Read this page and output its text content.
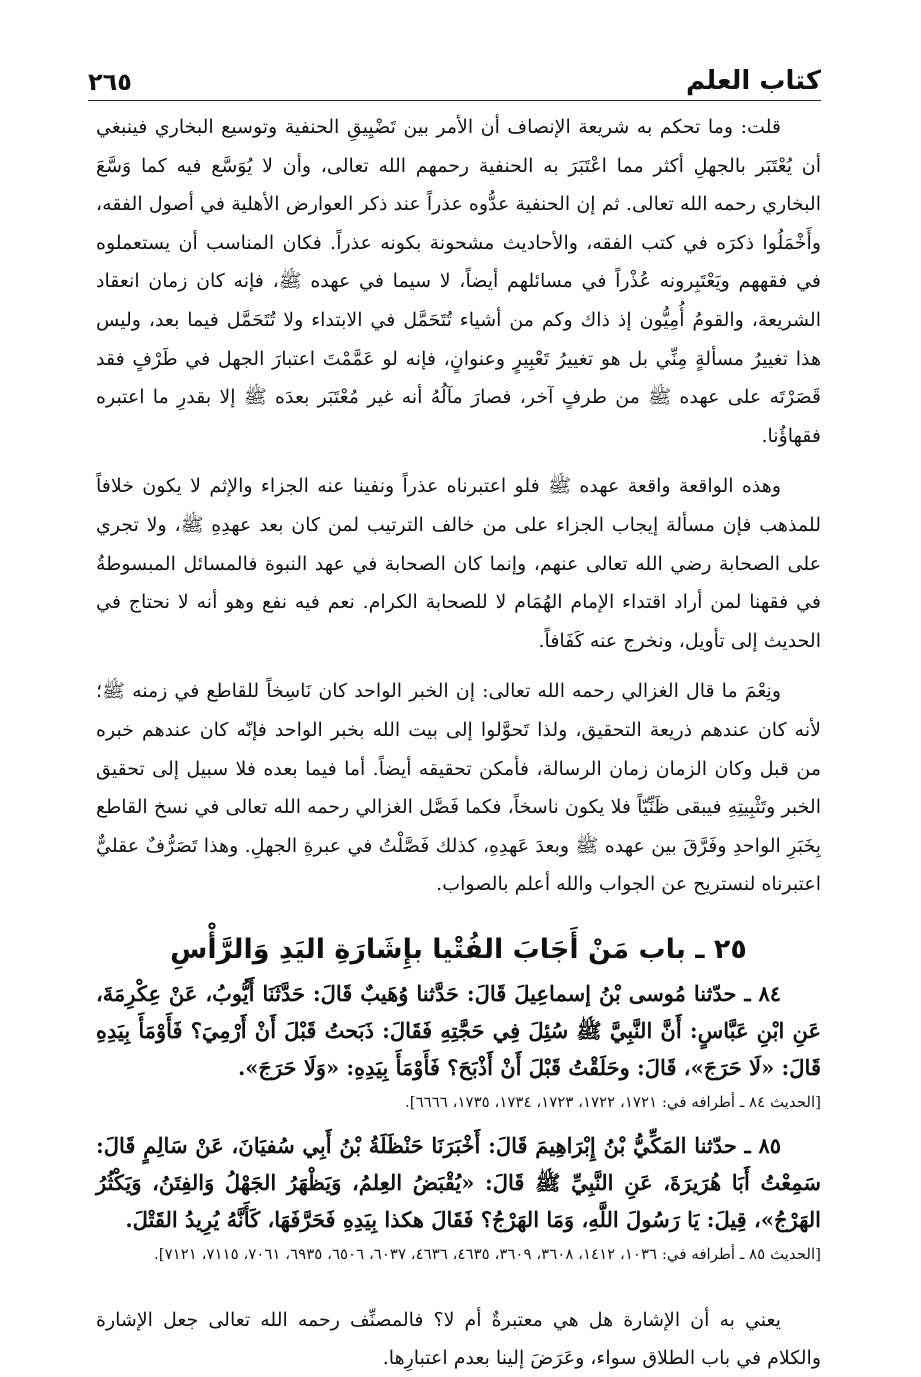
كتاب العلم
٢٦٥

قلت: وما تحكم به شريعة الإنصاف أن الأمر بين تَضْيِيقِ الحنفية وتوسيع البخاري فينبغي أن يُعْتَبَر بالجهلِ أكثر مما اعْتَبَرَ به الحنفية رحمهم الله تعالى، وأن لا يُوَسَّع فيه كما وَسَّعَ البخاري رحمه الله تعالى. ثم إن الحنفية عدُّوه عذراً عند ذكر العوارض الأهلية في أصول الفقه، وأَخْمَلُوا ذكرَه في كتب الفقه، والأحاديث مشحونة بكونه عذراً. فكان المناسب أن يستعملوه في فقههم ويَعْتَبِرونه عُذْراً في مسائلهم أيضاً، لا سيما في عهده ﷺ، فإنه كان زمان انعقاد الشريعة، والقومُ أُمِيُّون إذ ذاك وكم من أشياء تُتَحَمَّل في الابتداء ولا تُتَحَمَّل فيما بعد، وليس هذا تغييرُ مسألةٍ مِنِّي بل هو تغييرُ تَعْبِيرٍ وعنوانٍ، فإنه لو عَمَّمْتَ اعتبارَ الجهل في طَرْفٍ فقد قَصَرْتَه على عهده ﷺ من طرفٍ آخر، فصارَ مآلُهُ أنه غير مُعْتَبَر بعدَه ﷺ إلا بقدرِ ما اعتبره فقهاؤُنا.

وهذه الواقعة واقعة عهده ﷺ فلو اعتبرناه عذراً ونفينا عنه الجزاء والإثم لا يكون خلافاً للمذهب فإن مسألة إيجاب الجزاء على من خالف الترتيب لمن كان بعد عهدِهِ ﷺ، ولا تجري على الصحابة رضي الله تعالى عنهم، وإنما كان الصحابة في عهد النبوة فالمسائل المبسوطةُ في فقهنا لمن أراد اقتداء الإمام الهُمَام لا للصحابة الكرام. نعم فيه نفع وهو أنه لا نحتاج في الحديث إلى تأويل، ونخرج عنه كَفَافاً.

ونِعْمَ ما قال الغزالي رحمه الله تعالى: إن الخبر الواحد كان نَاسِخاً للقاطع في زمنه ﷺ؛ لأنه كان عندهم ذريعة التحقيق، ولذا تَحوَّلوا إلى بيت الله بخبر الواحد فإنّه كان عندهم خبره من قبل وكان الزمان زمان الرسالة، فأمكن تحقيقه أيضاً. أما فيما بعده فلا سبيل إلى تحقيق الخبر وتَثْبِيتِهِ فيبقى ظَنِّيّاً فلا يكون ناسخاً، فكما فَصَّل الغزالي رحمه الله تعالى في نسخ القاطع بِخَبَرِ الواحدِ وفَرَّقَ بين عهده ﷺ وبعدَ عَهدِهِ، كذلك فَصَّلْتُ في عبرةِ الجهلِ. وهذا تَصَرُّفٌ عقليٌّ اعتبرناه لنستريح عن الجواب والله أعلم بالصواب.

٢٥ ـ باب مَنْ أَجَابَ الفُتْيا بإِشَارَةِ اليَدِ وَالرَّأْسِ

٨٤ ـ حدّثنا مُوسى بْنُ إسماعِيلَ قَالَ: حَدَّثنا وُهَيبٌ قَالَ: حَدَّثَنَا أَيُّوبُ، عَنْ عِكْرِمَةَ، عَنِ ابْنِ عَبَّاسٍ: أَنَّ النَّبِيَّ ﷺ سُئِلَ فِي حَجَّتِهِ فَقَالَ: ذَبَحتُ قَبْلَ أَنْ أَرْمِيَ؟ فَأَوْمَأَ بِيَدِهِ قَالَ: «لَا حَرَجَ»، قَالَ: وحَلَقْتُ قَبْلَ أَنْ أَذْبَحَ؟ فَأَوْمَأَ بِيَدِهِ: «وَلَا حَرَجَ».

[الحديث ٨٤ ـ أطرافه في: ١٧٢١، ١٧٢٢، ١٧٢٣، ١٧٣٤، ١٧٣٥، ٦٦٦٦].

٨٥ ـ حدّثنا المَكِّيُّ بْنُ إِبْرَاهِيمَ قَالَ: أَخْبَرَنَا حَنْظَلَةُ بْنُ أَبِي سُفيَانَ، عَنْ سَالِمٍ قَالَ: سَمِعْتُ أَبَا هُرَيرَةَ، عَنِ النَّبِيِّ ﷺ قَالَ: «يُقْبَضُ العِلمُ، وَيَظْهَرُ الجَهْلُ وَالفِتَنُ، وَيَكْثُرُ الهَرْجُ»، قِيلَ: يَا رَسُولَ اللَّهِ، وَمَا الهَرْجُ؟ فَقَالَ هكذا بِيَدِهِ فَحَرَّفَهَا، كَأَنَّهُ يُرِيدُ القَتْلَ.

[الحديث ٨٥ ـ أطرافه في: ١٠٣٦، ١٤١٢، ٣٦٠٨، ٣٦٠٩، ٤٦٣٥، ٤٦٣٦، ٦٠٣٧، ٦٥٠٦، ٦٩٣٥، ٧٠٦١، ٧١١٥، ٧١٢١].

يعني به أن الإشارة هل هي معتبرةٌ أم لا؟ فالمصنِّف رحمه الله تعالى جعل الإشارة والكلام في باب الطلاق سواء، وعَرَضَ إلينا بعدم اعتبارِها.
